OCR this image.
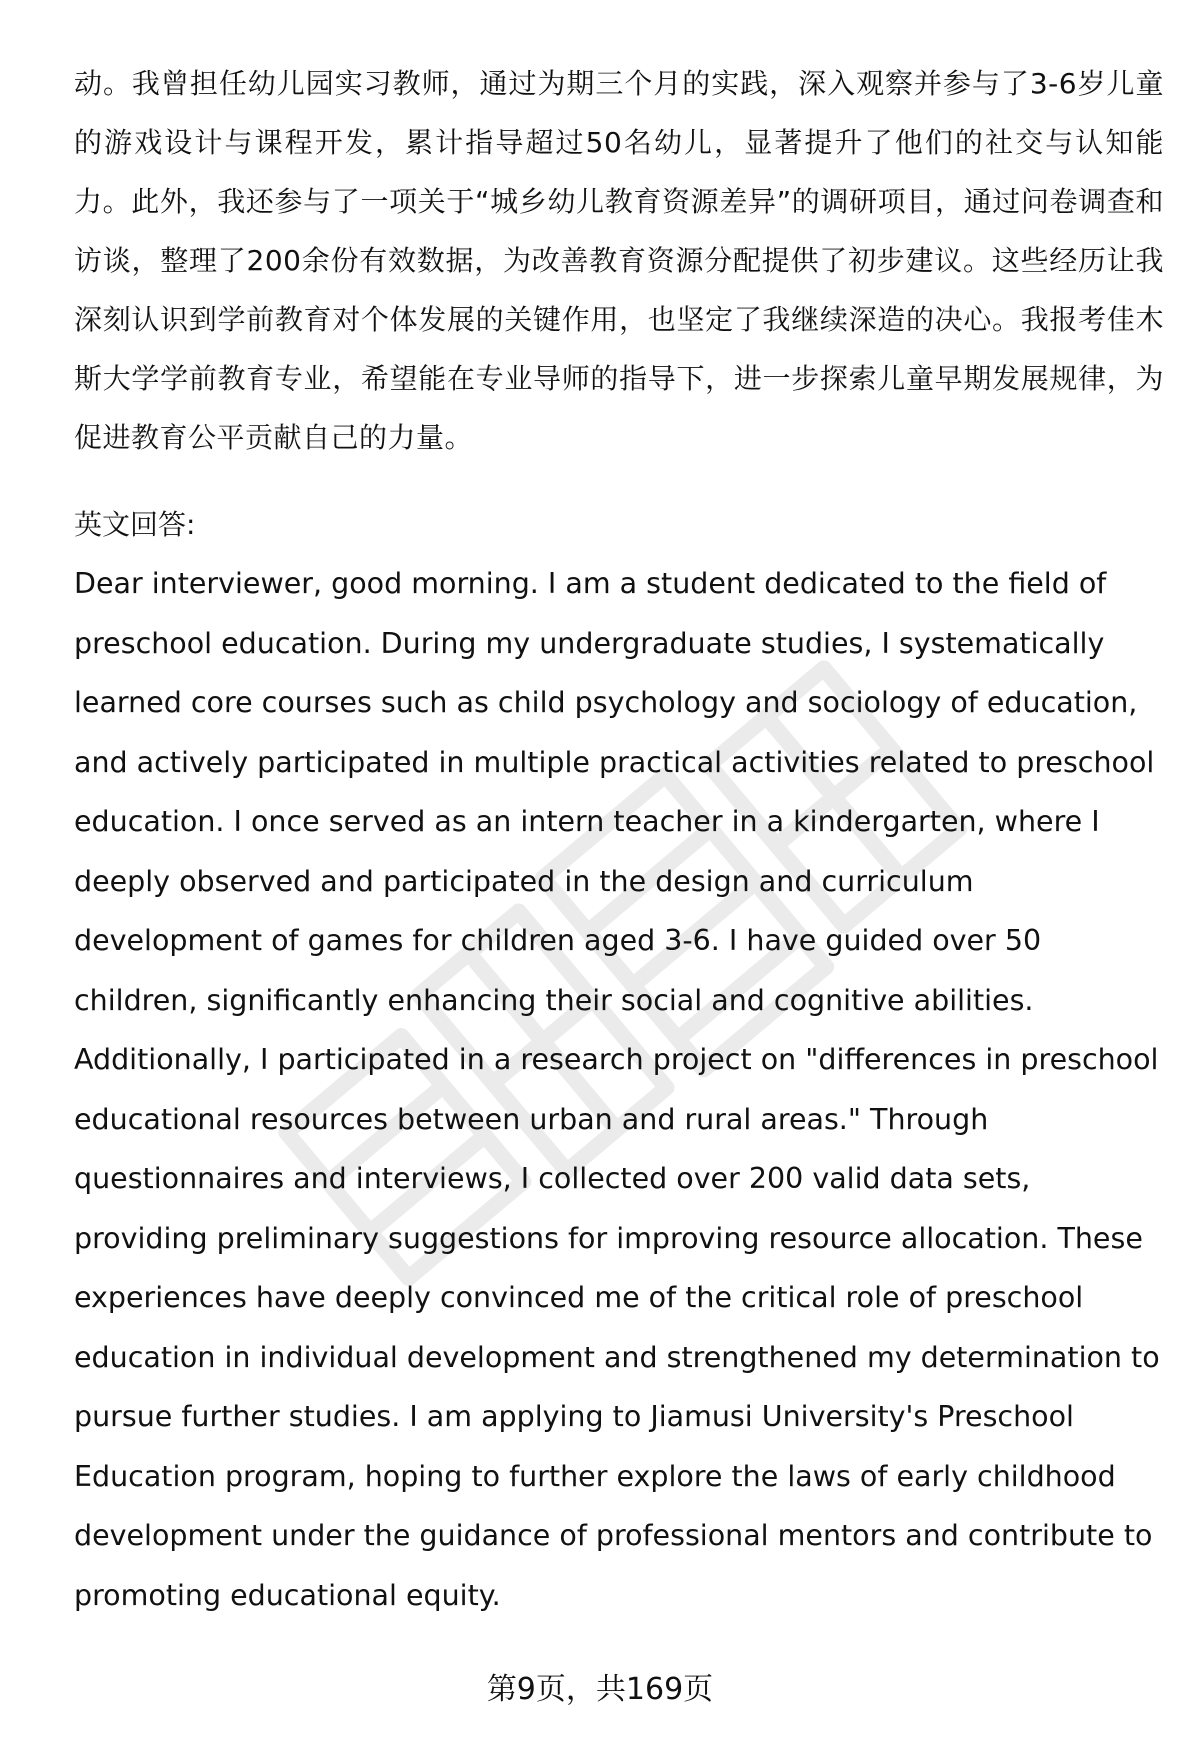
动。我曾担任幼儿园实习教师，通过为期三个月的实践，深入观察并参与了3-6岁儿童的游戏设计与课程开发，累计指导超过50名幼儿，显著提升了他们的社交与认知能力。此外，我还参与了一项关于“城乡幼儿教育资源差异”的调研项目，通过问卷调查和访谈，整理了200余份有效数据，为改善教育资源分配提供了初步建议。这些经历让我深刻认识到学前教育对个体发展的关键作用，也坚定了我继续深造的决心。我报考佳木斯大学学前教育专业，希望能在专业导师的指导下，进一步探索儿童早期发展规律，为促进教育公平贡献自己的力量。

英文回答:

Dear interviewer, good morning. I am a student dedicated to the field of preschool education. During my undergraduate studies, I systematically learned core courses such as child psychology and sociology of education, and actively participated in multiple practical activities related to preschool education. I once served as an intern teacher in a kindergarten, where I deeply observed and participated in the design and curriculum development of games for children aged 3-6. I have guided over 50 children, significantly enhancing their social and cognitive abilities. Additionally, I participated in a research project on "differences in preschool educational resources between urban and rural areas." Through questionnaires and interviews, I collected over 200 valid data sets, providing preliminary suggestions for improving resource allocation. These experiences have deeply convinced me of the critical role of preschool education in individual development and strengthened my determination to pursue further studies. I am applying to Jiamusi University's Preschool Education program, hoping to further explore the laws of early childhood development under the guidance of professional mentors and contribute to promoting educational equity.

第9页，共169页
